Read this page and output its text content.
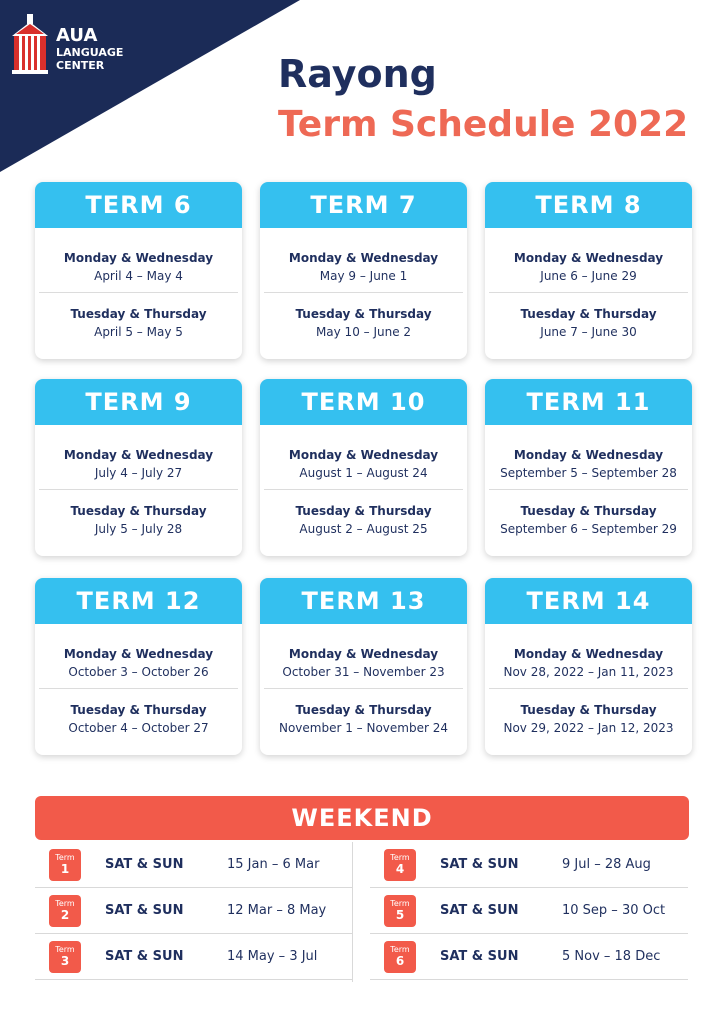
AUA
LANGUAGE
CENTER	Rayong
Term Schedule 2022
TERM 6
Monday & Wednesday
April 4 – May 4
Tuesday & Thursday
April 5 – May 5
TERM 7
Monday & Wednesday
May 9 – June 1
Tuesday & Thursday
May 10 – June 2
TERM 8
Monday & Wednesday
June 6 – June 29
Tuesday & Thursday
June 7 – June 30
TERM 9
Monday & Wednesday
July 4 – July 27
Tuesday & Thursday
July 5 – July 28
TERM 10
Monday & Wednesday
August 1 – August 24
Tuesday & Thursday
August 2 – August 25
TERM 11
Monday & Wednesday
September 5 – September 28
Tuesday & Thursday
September 6 – September 29
TERM 12
Monday & Wednesday
October 3 – October 26
Tuesday & Thursday
October 4 – October 27
TERM 13
Monday & Wednesday
October 31 – November 23
Tuesday & Thursday
November 1 – November 24
TERM 14
Monday & Wednesday
Nov 28, 2022 – Jan 11, 2023
Tuesday & Thursday
Nov 29, 2022 – Jan 12, 2023
WEEKEND
Term
1	SAT & SUN	15 Jan – 6 Mar
Term
2	SAT & SUN	12 Mar – 8 May
Term
3	SAT & SUN	14 May – 3 Jul
Term
4	SAT & SUN	9 Jul – 28 Aug
Term
5	SAT & SUN	10 Sep – 30 Oct
Term
6	SAT & SUN	5 Nov – 18 Dec
